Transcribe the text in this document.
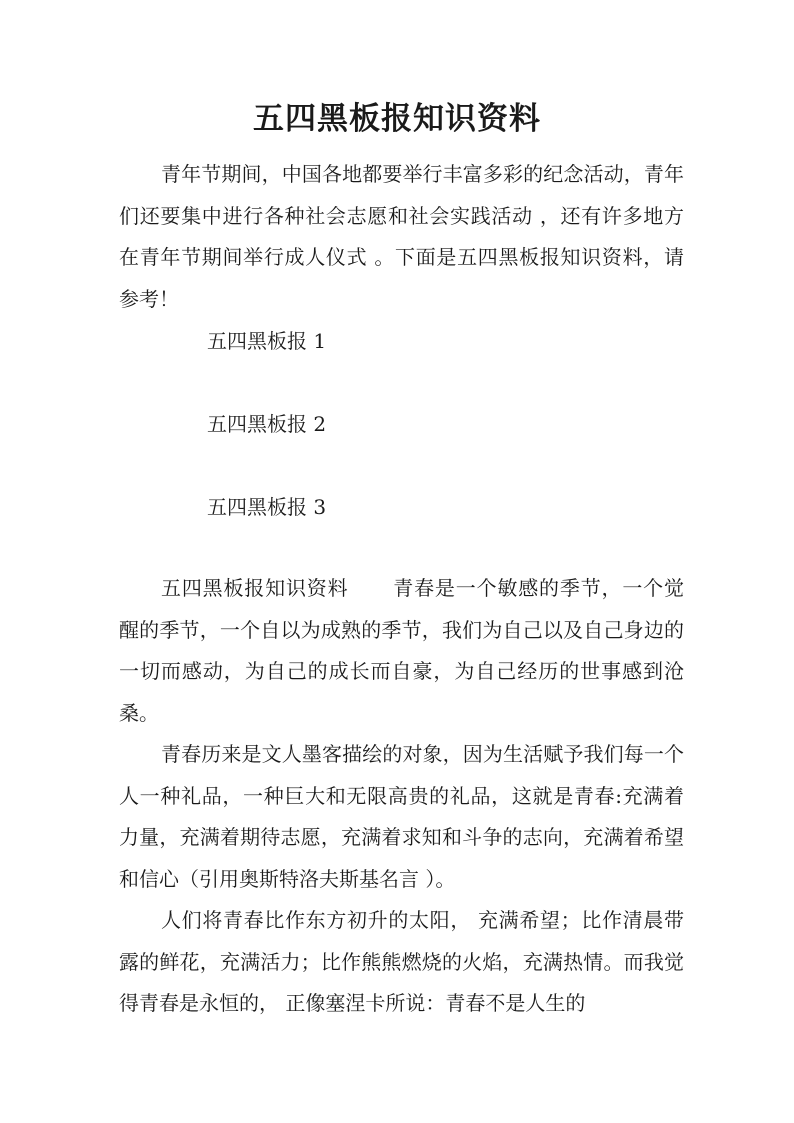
五四黑板报知识资料

青年节期间，中国各地都要举行丰富多彩的纪念活动，青年们还要集中进行各种社会志愿和社会实践活动 ，还有许多地方在青年节期间举行成人仪式 。下面是五四黑板报知识资料，请参考！

五四黑板报 1

五四黑板报 2

五四黑板报 3

五四黑板报知识资料 青春是一个敏感的季节，一个觉醒的季节，一个自以为成熟的季节，我们为自己以及自己身边的一切而感动，为自己的成长而自豪，为自己经历的世事感到沧桑。

青春历来是文人墨客描绘的对象，因为生活赋予我们每一个人一种礼品，一种巨大和无限高贵的礼品，这就是青春:充满着力量，充满着期待志愿，充满着求知和斗争的志向，充满着希望和信心（引用奥斯特洛夫斯基名言 ）。

人们将青春比作东方初升的太阳， 充满希望；比作清晨带露的鲜花，充满活力；比作熊熊燃烧的火焰，充满热情。而我觉得青春是永恒的， 正像塞涅卡所说：青春不是人生的
